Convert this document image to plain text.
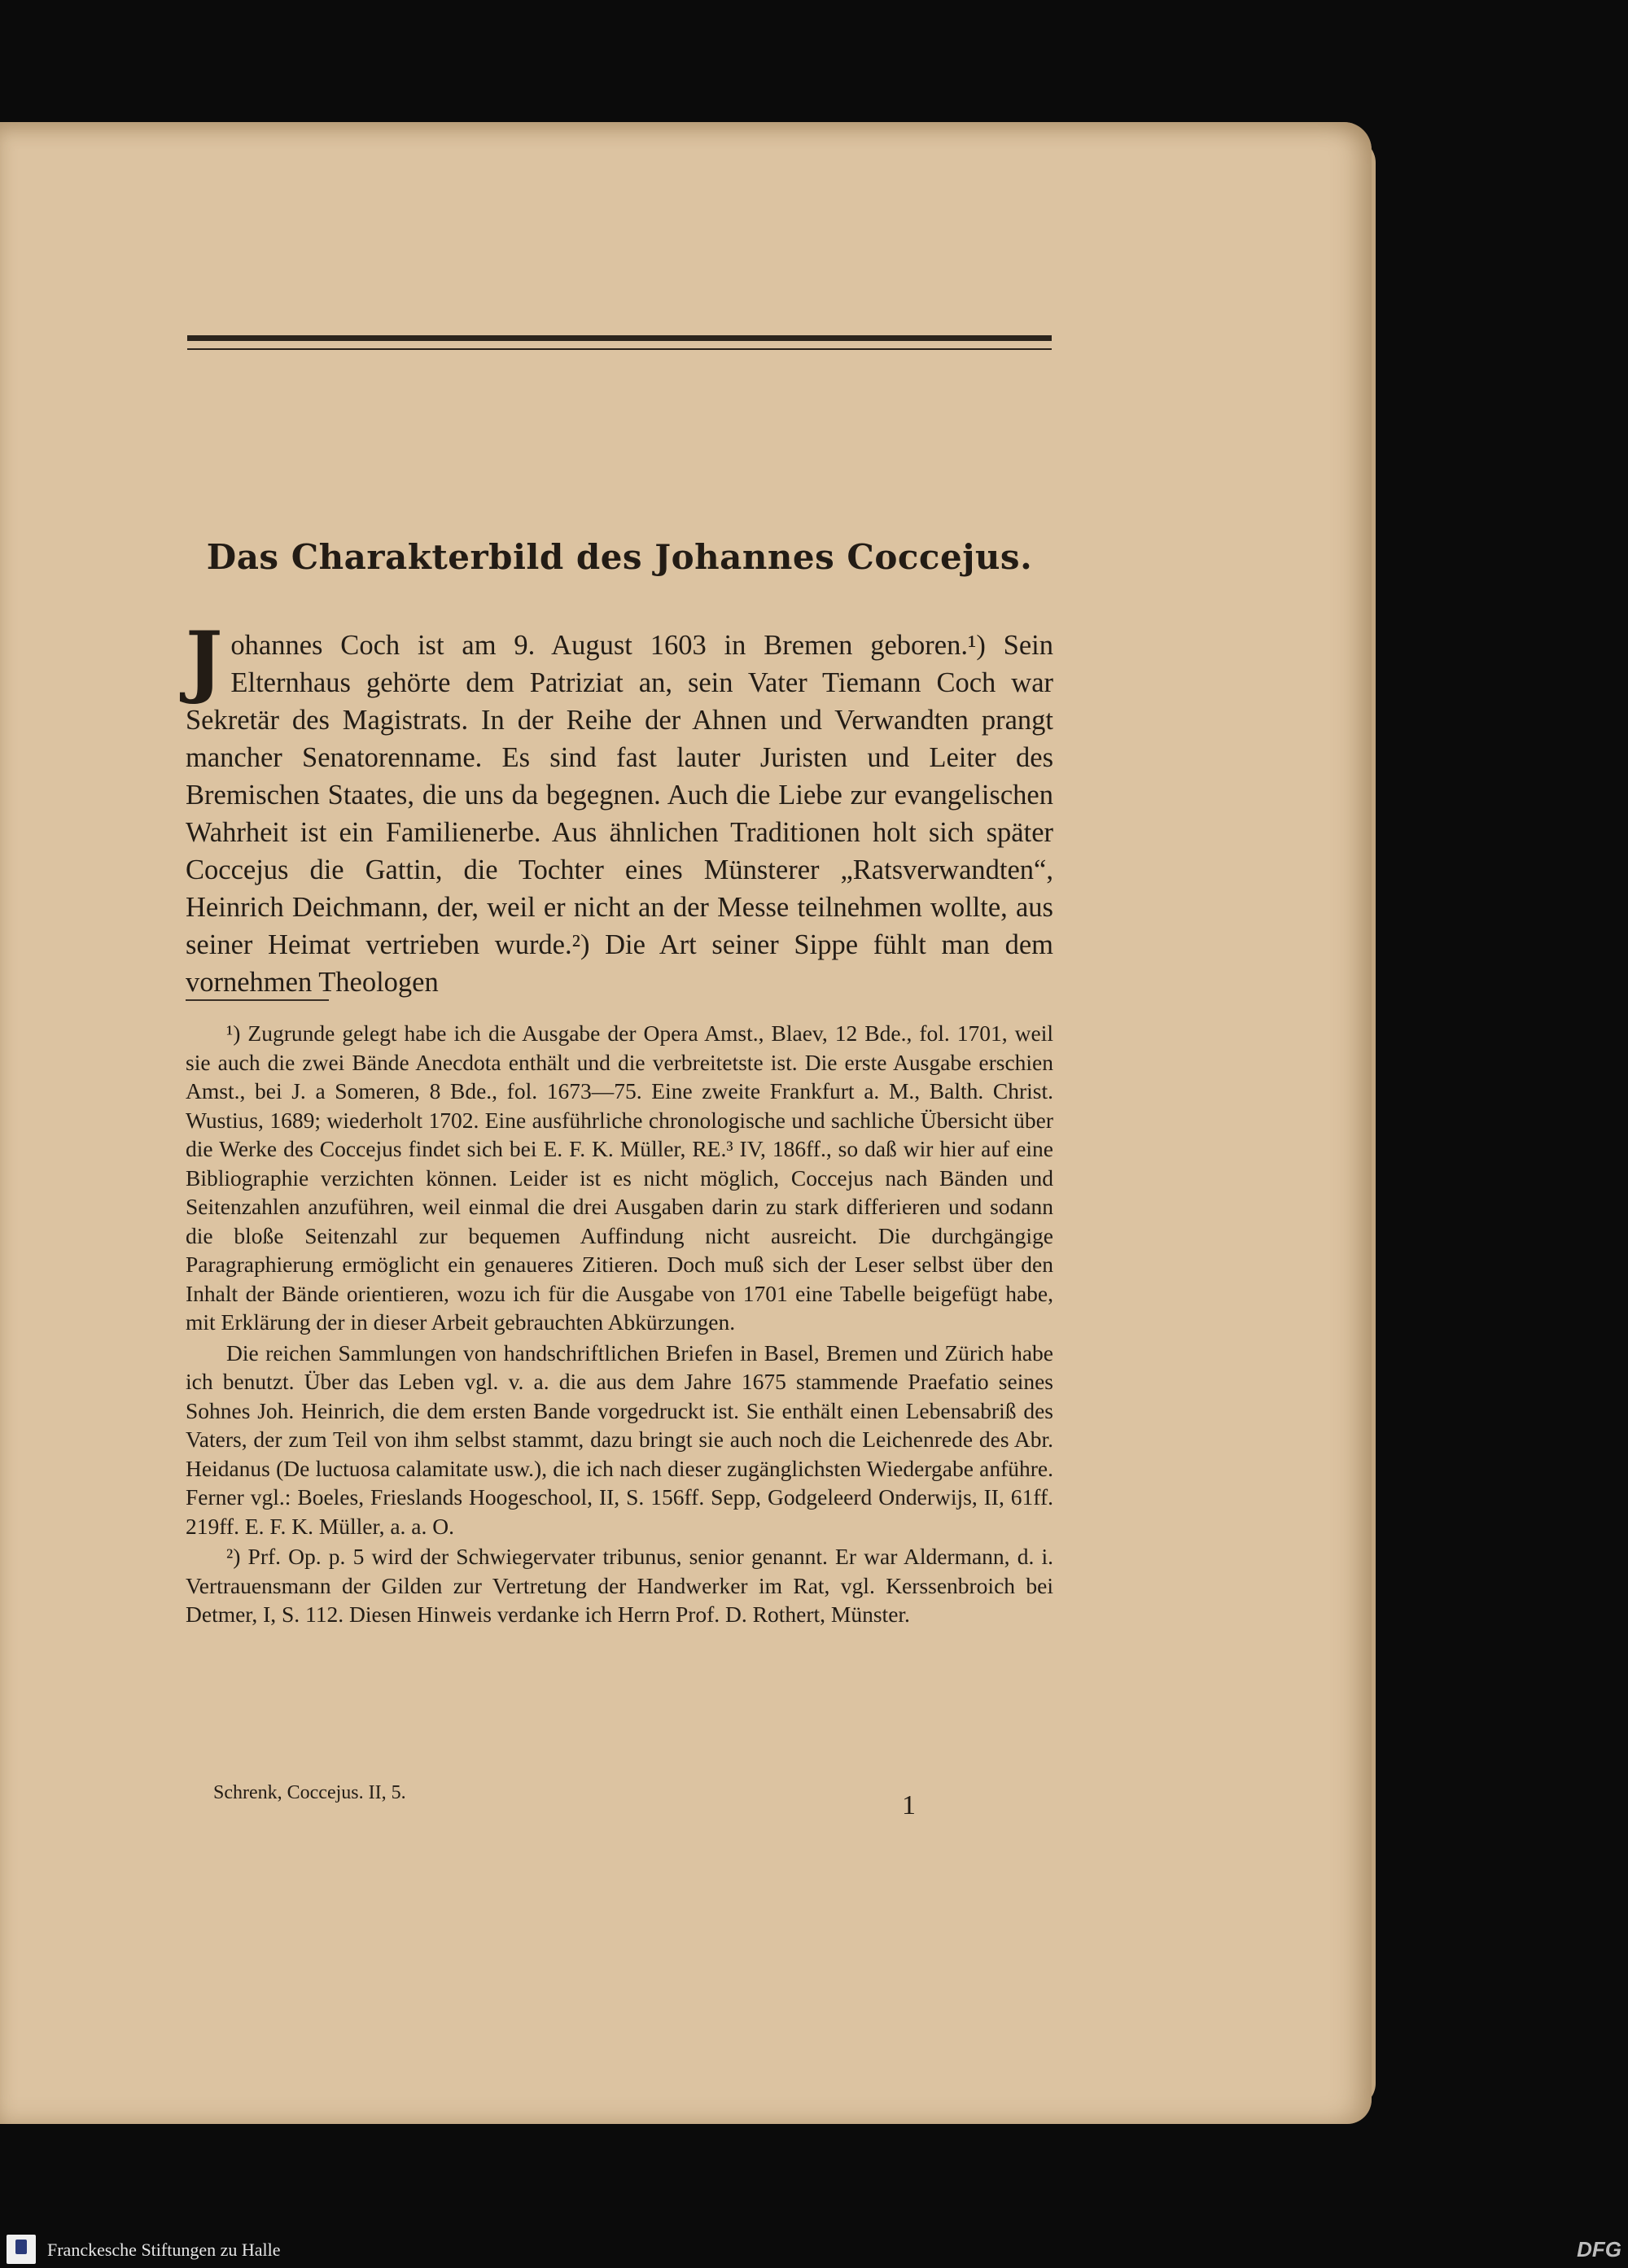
Das Charakterbild des Johannes Coccejus.

Johannes Coch ist am 9. August 1603 in Bremen geboren.¹) Sein Elternhaus gehörte dem Patriziat an, sein Vater Tiemann Coch war Sekretär des Magistrats. In der Reihe der Ahnen und Verwandten prangt mancher Senatorenname. Es sind fast lauter Juristen und Leiter des Bremischen Staates, die uns da begegnen. Auch die Liebe zur evangelischen Wahrheit ist ein Familienerbe. Aus ähnlichen Traditionen holt sich später Coccejus die Gattin, die Tochter eines Münsterer „Ratsverwandten“, Heinrich Deichmann, der, weil er nicht an der Messe teilnehmen wollte, aus seiner Heimat vertrieben wurde.²) Die Art seiner Sippe fühlt man dem vornehmen Theologen

¹) Zugrunde gelegt habe ich die Ausgabe der Opera Amst., Blaev, 12 Bde., fol. 1701, weil sie auch die zwei Bände Anecdota enthält und die verbreitetste ist. Die erste Ausgabe erschien Amst., bei J. a Someren, 8 Bde., fol. 1673—75. Eine zweite Frankfurt a. M., Balth. Christ. Wustius, 1689; wiederholt 1702. Eine ausführliche chronologische und sachliche Übersicht über die Werke des Coccejus findet sich bei E. F. K. Müller, RE.³ IV, 186ff., so daß wir hier auf eine Bibliographie verzichten können. Leider ist es nicht möglich, Coccejus nach Bänden und Seitenzahlen anzuführen, weil einmal die drei Ausgaben darin zu stark differieren und sodann die bloße Seitenzahl zur bequemen Auffindung nicht ausreicht. Die durchgängige Paragraphierung ermöglicht ein genaueres Zitieren. Doch muß sich der Leser selbst über den Inhalt der Bände orientieren, wozu ich für die Ausgabe von 1701 eine Tabelle beigefügt habe, mit Erklärung der in dieser Arbeit gebrauchten Abkürzungen.

Die reichen Sammlungen von handschriftlichen Briefen in Basel, Bremen und Zürich habe ich benutzt. Über das Leben vgl. v. a. die aus dem Jahre 1675 stammende Praefatio seines Sohnes Joh. Heinrich, die dem ersten Bande vorgedruckt ist. Sie enthält einen Lebensabriß des Vaters, der zum Teil von ihm selbst stammt, dazu bringt sie auch noch die Leichenrede des Abr. Heidanus (De luctuosa calamitate usw.), die ich nach dieser zugänglichsten Wiedergabe anführe. Ferner vgl.: Boeles, Frieslands Hoogeschool, II, S. 156ff. Sepp, Godgeleerd Onderwijs, II, 61ff. 219ff. E. F. K. Müller, a. a. O.

²) Prf. Op. p. 5 wird der Schwiegervater tribunus, senior genannt. Er war Aldermann, d. i. Vertrauensmann der Gilden zur Vertretung der Handwerker im Rat, vgl. Kerssenbroich bei Detmer, I, S. 112. Diesen Hinweis verdanke ich Herrn Prof. D. Rothert, Münster.

Schrenk, Coccejus. II, 5.	1
Franckesche Stiftungen zu Halle	DFG
